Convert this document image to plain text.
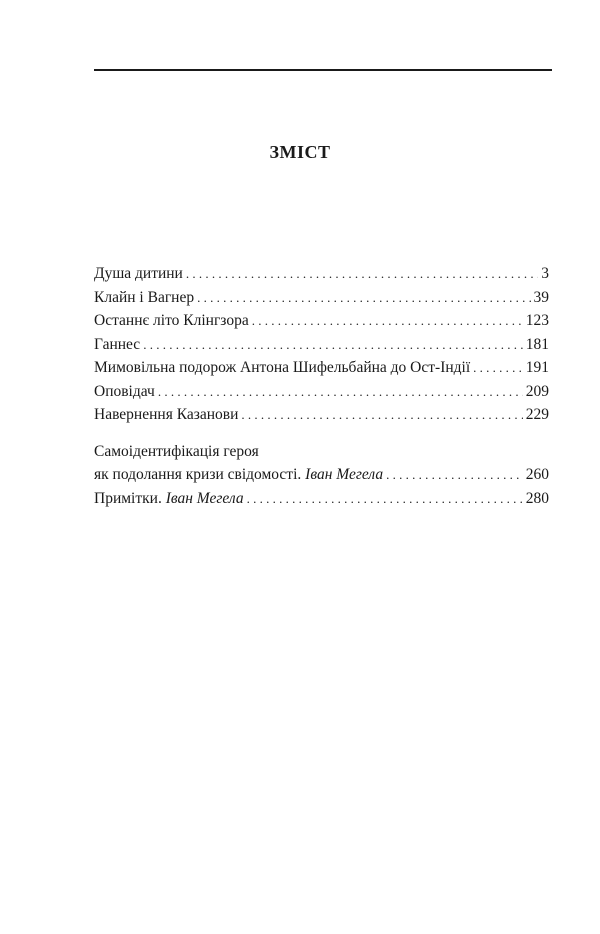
ЗМІСТ
Душа дитини . . .	3
Клайн і Вагнер . . .	39
Останнє літо Клінгзора . . .	123
Ганнес . . .	181
Мимовільна подорож Антона Шифельбайна до Ост-Індії . . .	191
Оповідач . . .	209
Навернення Казанови . . .	229
Самоідентифікація героя
як подолання кризи свідомості. Іван Мегела . . .	260
Примітки. Іван Мегела . . .	280
